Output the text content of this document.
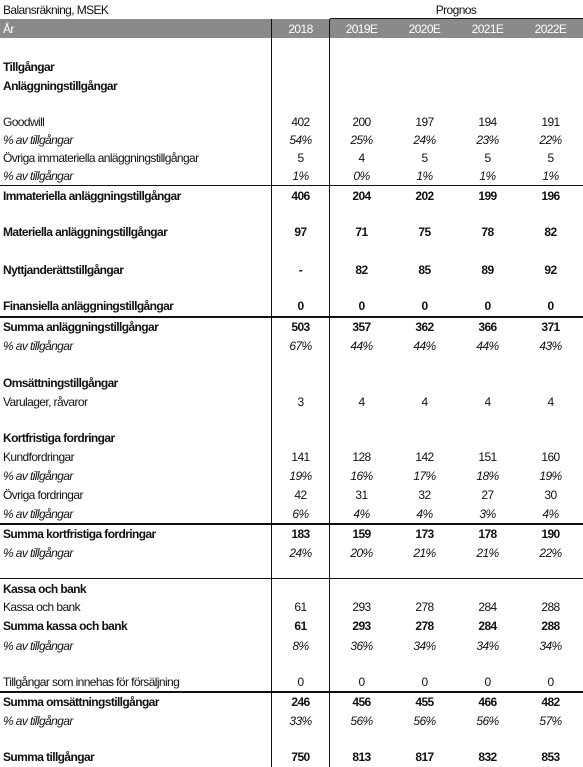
Balansräkning, MSEK	Prognos
År	2018	2019E	2020E	2021E	2022E
Tillgångar
Anläggningstillgångar
Goodwill	402	200	197	194	191
% av tillgångar	54%	25%	24%	23%	22%
Övriga immateriella anläggningstillgångar	5	4	5	5	5
% av tillgångar	1%	0%	1%	1%	1%
Immateriella anläggningstillgångar	406	204	202	199	196
Materiella anläggningstillgångar	97	71	75	78	82
Nyttjanderättstillgångar	-	82	85	89	92
Finansiella anläggningstillgångar	0	0	0	0	0
Summa anläggningstillgångar	503	357	362	366	371
% av tillgångar	67%	44%	44%	44%	43%
Omsättningstillgångar
Varulager, råvaror	3	4	4	4	4
Kortfristiga fordringar
Kundfordringar	141	128	142	151	160
% av tillgångar	19%	16%	17%	18%	19%
Övriga fordringar	42	31	32	27	30
% av tillgångar	6%	4%	4%	3%	4%
Summa kortfristiga fordringar	183	159	173	178	190
% av tillgångar	24%	20%	21%	21%	22%
Kassa och bank
Kassa och bank	61	293	278	284	288
Summa kassa och bank	61	293	278	284	288
% av tillgångar	8%	36%	34%	34%	34%
Tillgångar som innehas för försäljning	0	0	0	0	0
Summa omsättningstillgångar	246	456	455	466	482
% av tillgångar	33%	56%	56%	56%	57%
Summa tillgångar	750	813	817	832	853
